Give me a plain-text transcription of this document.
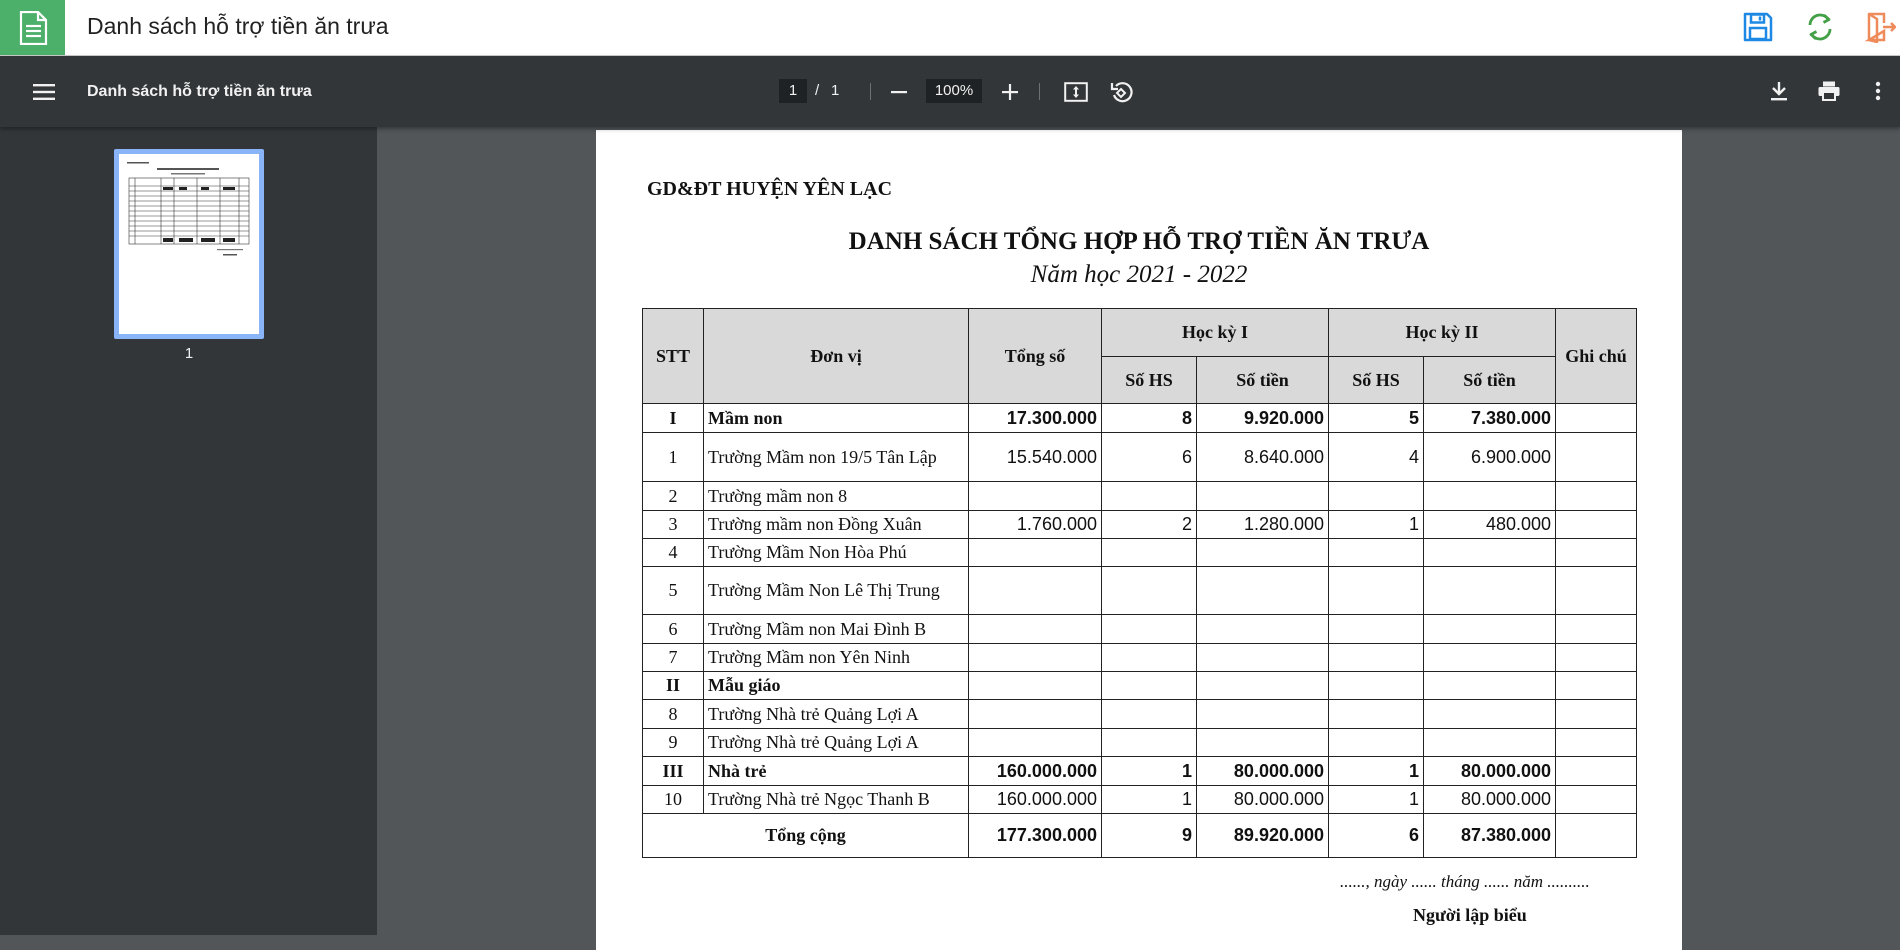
Danh sách hỗ trợ tiền ăn trưa
Danh sách hỗ trợ tiền ăn trưa	1	/ 1	100%
1
GD&ĐT HUYỆN YÊN LẠC
DANH SÁCH TỔNG HỢP HỖ TRỢ TIỀN ĂN TRƯA
Năm học 2021 - 2022
STT	Đơn vị	Tổng số	Học kỳ I		Học kỳ II		Ghi chú
			Số HS	Số tiền	Số HS	Số tiền	
I	Mầm non	17.300.000	8	9.920.000	5	7.380.000	
1	Trường Mầm non 19/5 Tân Lập	15.540.000	6	8.640.000	4	6.900.000	
2	Trường mầm non 8						
3	Trường mầm non Đồng Xuân	1.760.000	2	1.280.000	1	480.000	
4	Trường Mầm Non Hòa Phú						
5	Trường Mầm Non Lê Thị Trung						
6	Trường Mầm non Mai Đình B						
7	Trường Mầm non Yên Ninh						
II	Mẫu giáo						
8	Trường Nhà trẻ Quảng Lợi A						
9	Trường Nhà trẻ Quảng Lợi A						
III	Nhà trẻ	160.000.000	1	80.000.000	1	80.000.000	
10	Trường Nhà trẻ Ngọc Thanh B	160.000.000	1	80.000.000	1	80.000.000	
Tổng cộng		177.300.000	9	89.920.000	6	87.380.000	
......, ngày ...... tháng ...... năm ..........
Người lập biểu
